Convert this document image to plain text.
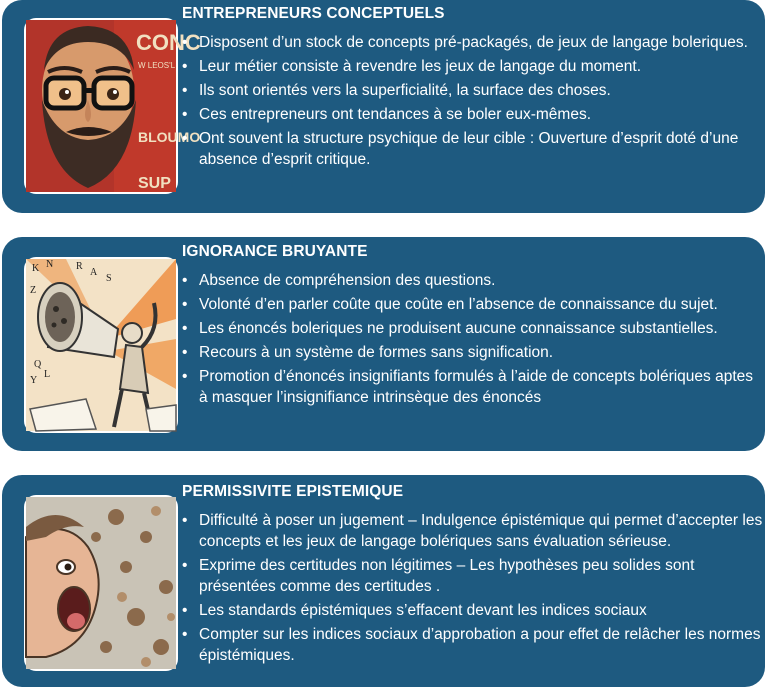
CONC
W LEOS'L
BLOUMO
SUP
ENTREPRENEURS CONCEPTUELS
• Disposent d’un stock de concepts pré-packagés, de jeux de langage boleriques.
• Leur métier consiste à revendre les jeux de langage du moment.
• Ils sont orientés vers la superficialité, la surface des choses.
• Ces entrepreneurs ont tendances à se boler eux-mêmes.
• Ont souvent la structure psychique de leur cible : Ouverture d’esprit doté d’une absence d’esprit critique.
K N R
A
S
Z
Q
L
Y
IGNORANCE BRUYANTE
• Absence de compréhension des questions.
• Volonté d’en parler coûte que coûte en l’absence de connaissance du sujet.
• Les énoncés boleriques ne produisent aucune connaissance substantielles.
• Recours à un système de formes sans signification.
• Promotion d’énoncés insignifiants formulés à l’aide de concepts bolériques aptes à masquer l’insignifiance intrinsèque des énoncés
PERMISSIVITE EPISTEMIQUE
• Difficulté à poser un jugement – Indulgence épistémique qui permet d’accepter les concepts et les jeux de langage bolériques sans évaluation sérieuse.
• Exprime des certitudes non légitimes – Les hypothèses peu solides sont présentées comme des certitudes .
• Les standards épistémiques s’effacent devant les indices sociaux
• Compter sur les indices sociaux d’approbation a pour effet de relâcher les normes épistémiques.
